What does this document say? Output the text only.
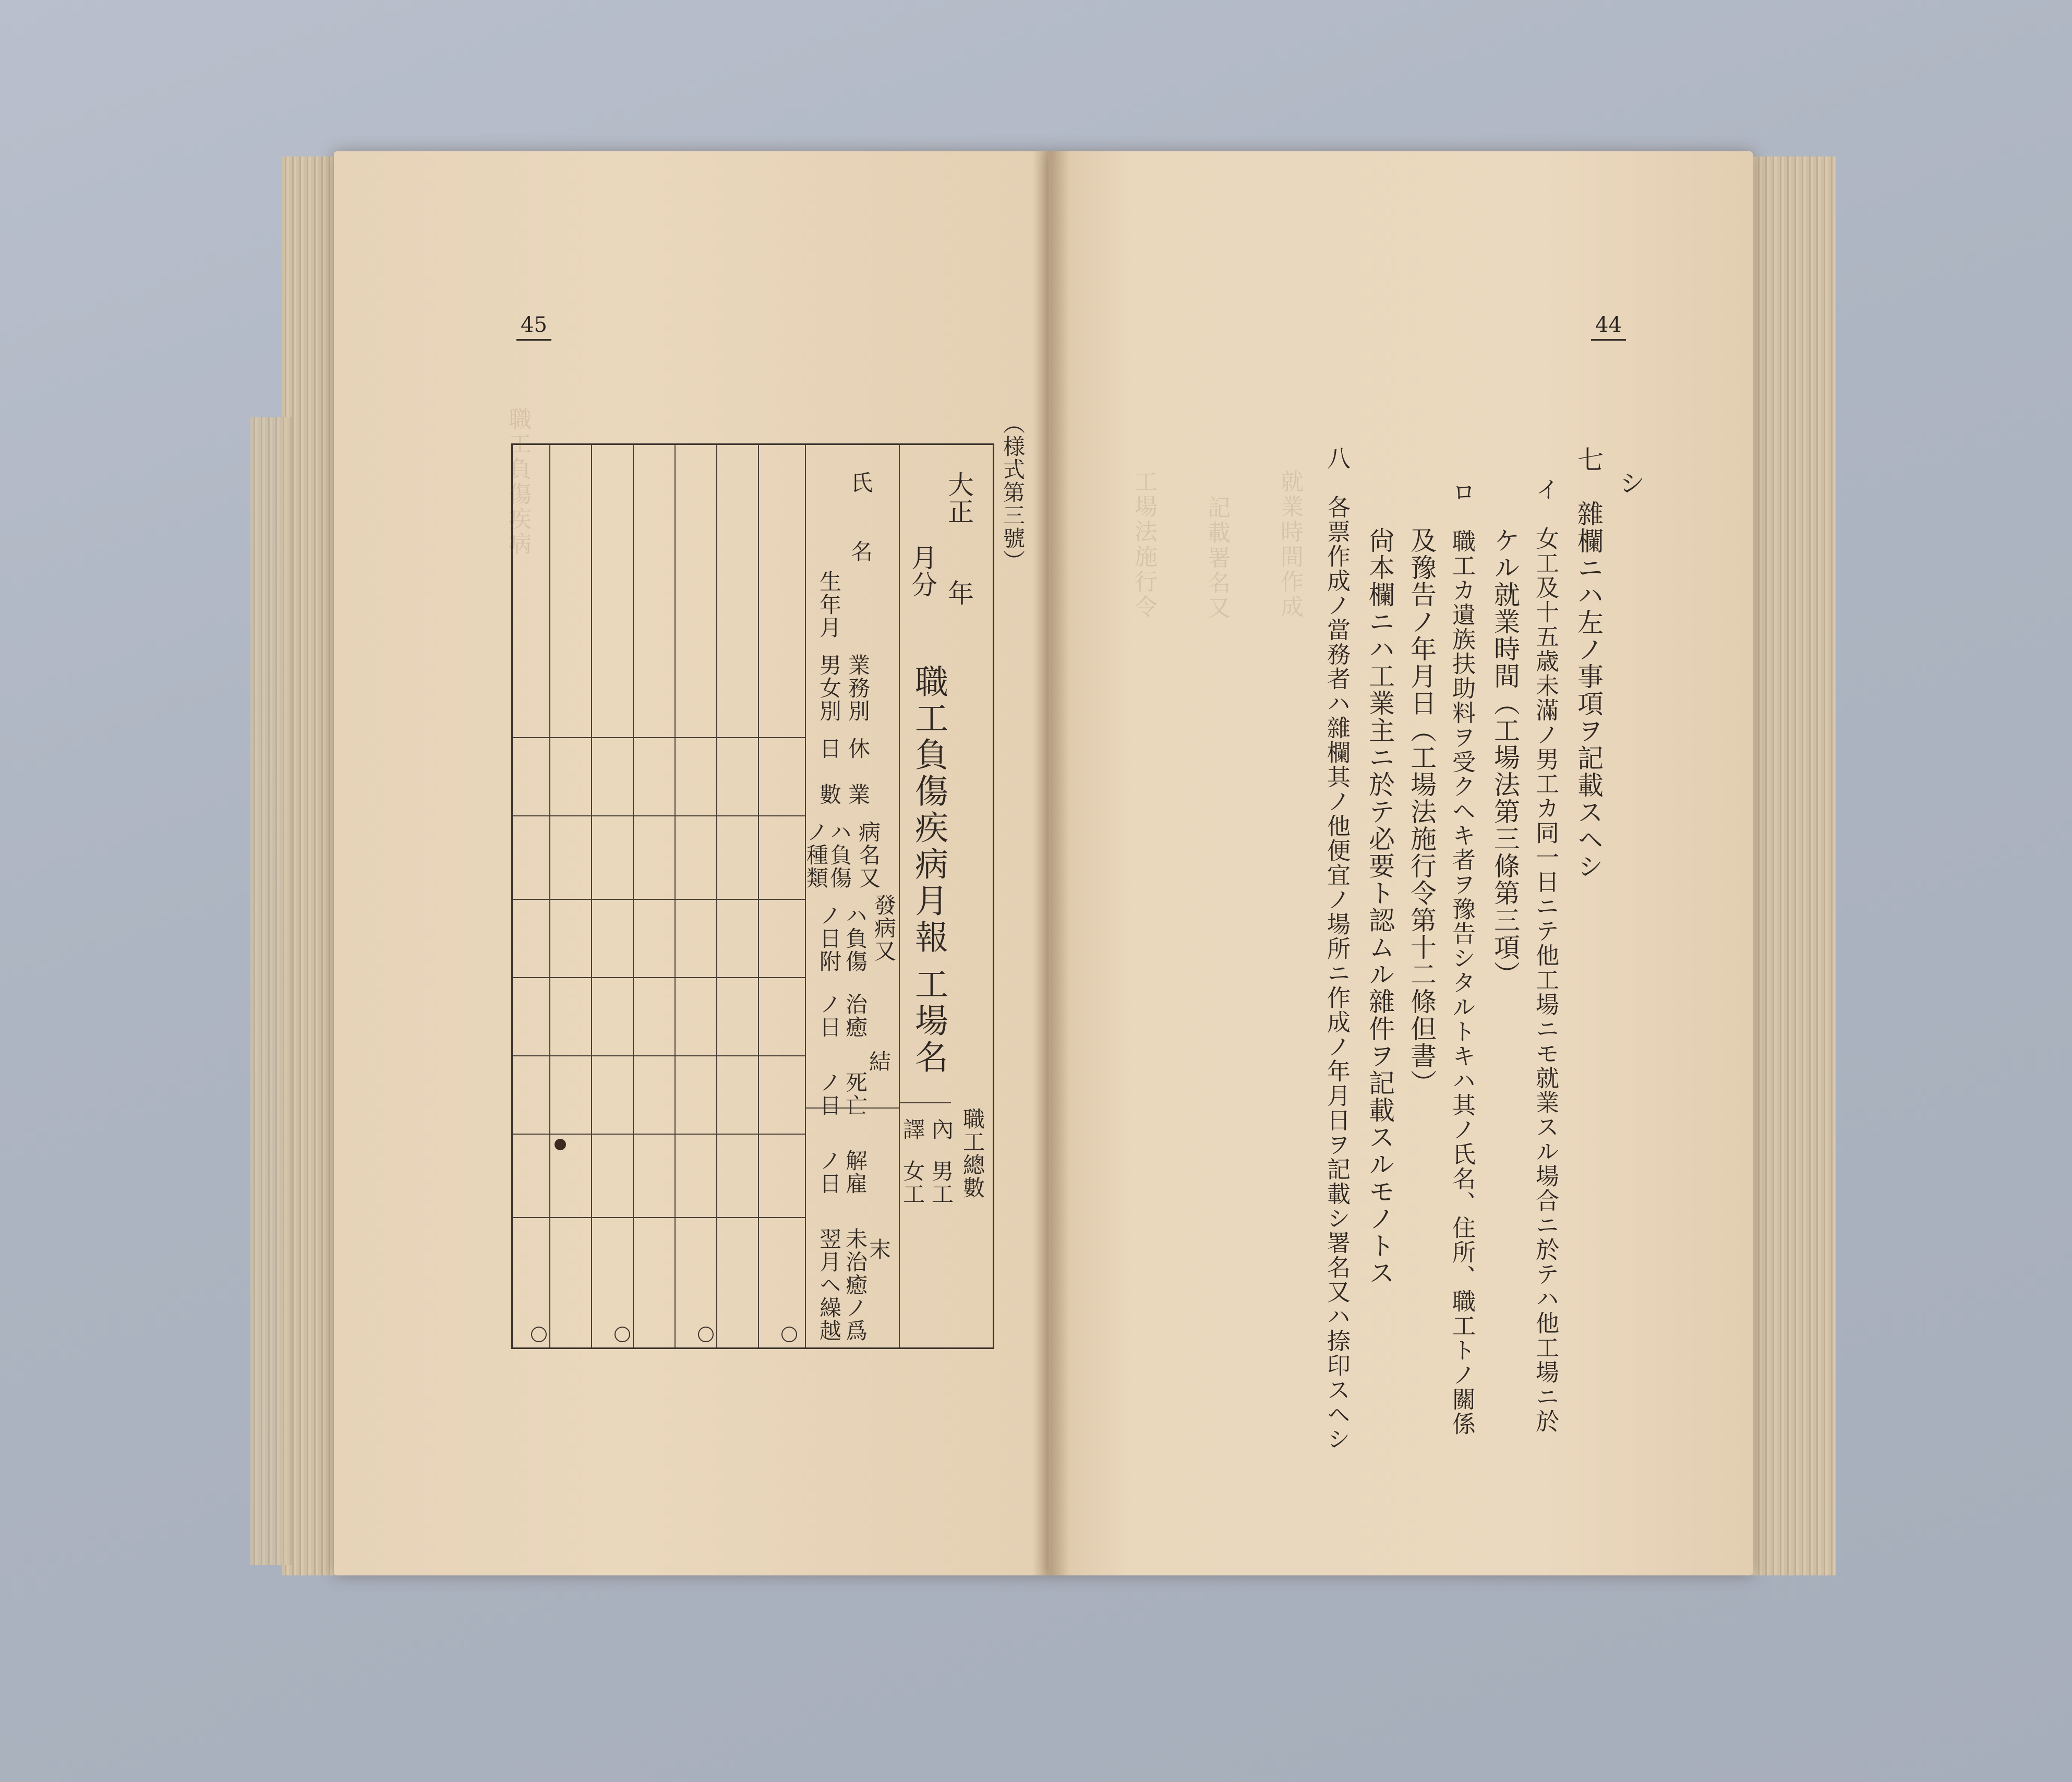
45
（様式第三號）
大正　　年
月分
職工負傷疾病月報
工場名
職工總數
內
譯
男工
女工
氏　　名
生年月
業務別
男女別
休　業
日　數
病名又
ハ負傷
ノ種類
發病又
ハ負傷
ノ日附
結
末
治癒
ノ日
死亡
ノ日
解雇
ノ日
未治癒ノ爲
翌月ヘ繰越
職工負傷疾病
44
シ
七　雜欄ニハ左ノ事項ヲ記載スヘシ
イ　女工及十五歳未滿ノ男工カ同一日ニテ他工場ニモ就業スル場合ニ於テハ他工場ニ於
ケル就業時間（工場法第三條第三項）
ロ　職工カ遺族扶助料ヲ受クヘキ者ヲ豫告シタルトキハ其ノ氏名、住所、職工トノ關係
及豫告ノ年月日（工場法施行令第十二條但書）
尙本欄ニハ工業主ニ於テ必要ト認ムル雜件ヲ記載スルモノトス
八　各票作成ノ當務者ハ雜欄其ノ他便宜ノ場所ニ作成ノ年月日ヲ記載シ署名又ハ捺印スヘシ
就業時間作成
記載署名又
工場法施行令
